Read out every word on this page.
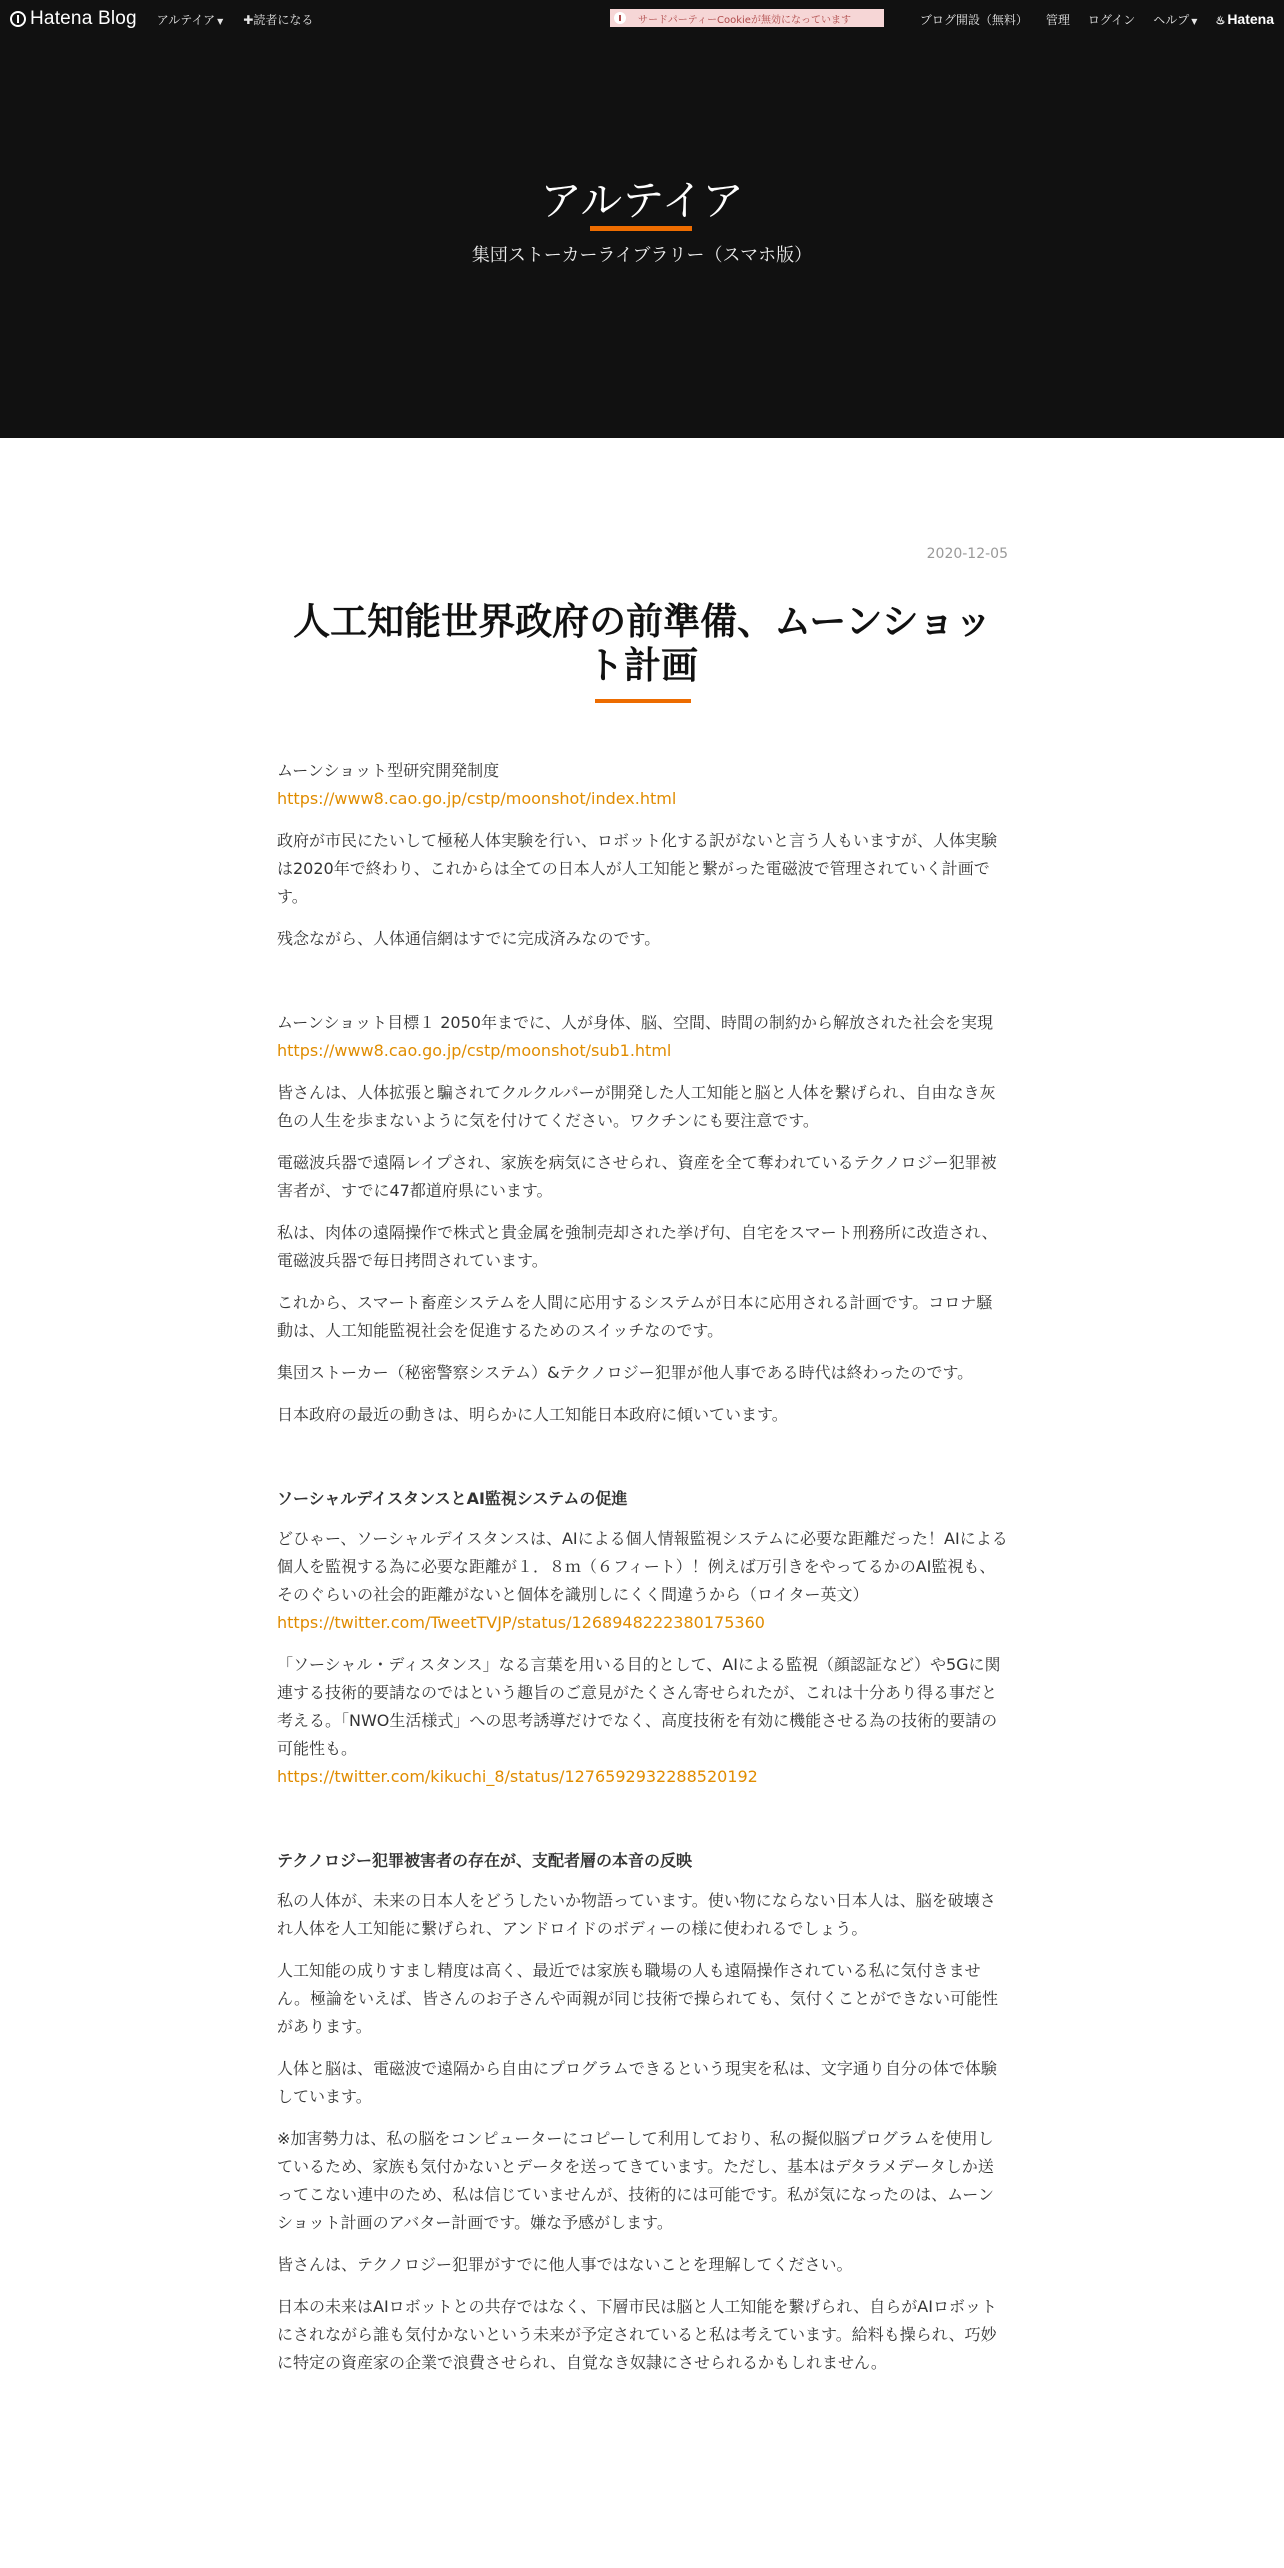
Hatena Blog アルテイア ▼ ✚読者になる	サードパーティーCookieが無効になっています	ブログ開設（無料） 管理 ログイン ヘルプ ▼ ♨ Hatena
アルテイア
集団ストーカーライブラリー（スマホ版）
2020-12-05
人工知能世界政府の前準備、ムーンショット計画

ムーンショット型研究開発制度
https://www8.cao.go.jp/cstp/moonshot/index.html

政府が市民にたいして極秘人体実験を行い、ロボット化する訳がないと言う人もいますが、人体実験は2020年で終わり、これからは全ての日本人が人工知能と繋がった電磁波で管理されていく計画です。

残念ながら、人体通信網はすでに完成済みなのです。

ムーンショット目標１ 2050年までに、人が身体、脳、空間、時間の制約から解放された社会を実現
https://www8.cao.go.jp/cstp/moonshot/sub1.html

皆さんは、人体拡張と騙されてクルクルパーが開発した人工知能と脳と人体を繋げられ、自由なき灰色の人生を歩まないように気を付けてください。ワクチンにも要注意です。

電磁波兵器で遠隔レイプされ、家族を病気にさせられ、資産を全て奪われているテクノロジー犯罪被害者が、すでに47都道府県にいます。

私は、肉体の遠隔操作で株式と貴金属を強制売却された挙げ句、自宅をスマート刑務所に改造され、電磁波兵器で毎日拷問されています。

これから、スマート畜産システムを人間に応用するシステムが日本に応用される計画です。コロナ騒動は、人工知能監視社会を促進するためのスイッチなのです。

集団ストーカー（秘密警察システム）&テクノロジー犯罪が他人事である時代は終わったのです。

日本政府の最近の動きは、明らかに人工知能日本政府に傾いています。

ソーシャルデイスタンスとAI監視システムの促進

どひゃー、ソーシャルデイスタンスは、AIによる個人情報監視システムに必要な距離だった！AIによる個人を監視する為に必要な距離が１．８ｍ（６フィート）！例えば万引きをやってるかのAI監視も、そのぐらいの社会的距離がないと個体を識別しにくく間違うから（ロイター英文）
https://twitter.com/TweetTVJP/status/1268948222380175360

「ソーシャル・ディスタンス」なる言葉を用いる目的として、AIによる監視（顔認証など）や5Gに関連する技術的要請なのではという趣旨のご意見がたくさん寄せられたが、これは十分あり得る事だと考える。「NWO生活様式」への思考誘導だけでなく、高度技術を有効に機能させる為の技術的要請の可能性も。
https://twitter.com/kikuchi_8/status/1276592932288520192

テクノロジー犯罪被害者の存在が、支配者層の本音の反映

私の人体が、未来の日本人をどうしたいか物語っています。使い物にならない日本人は、脳を破壊され人体を人工知能に繋げられ、アンドロイドのボディーの様に使われるでしょう。

人工知能の成りすまし精度は高く、最近では家族も職場の人も遠隔操作されている私に気付きません。極論をいえば、皆さんのお子さんや両親が同じ技術で操られても、気付くことができない可能性があります。

人体と脳は、電磁波で遠隔から自由にプログラムできるという現実を私は、文字通り自分の体で体験しています。

※加害勢力は、私の脳をコンピューターにコピーして利用しており、私の擬似脳プログラムを使用しているため、家族も気付かないとデータを送ってきています。ただし、基本はデタラメデータしか送ってこない連中のため、私は信じていませんが、技術的には可能です。私が気になったのは、ムーンショット計画のアバター計画です。嫌な予感がします。

皆さんは、テクノロジー犯罪がすでに他人事ではないことを理解してください。

日本の未来はAIロボットとの共存ではなく、下層市民は脳と人工知能を繋げられ、自らがAIロボットにされながら誰も気付かないという未来が予定されていると私は考えています。給料も操られ、巧妙に特定の資産家の企業で浪費させられ、自覚なき奴隷にさせられるかもしれません。
